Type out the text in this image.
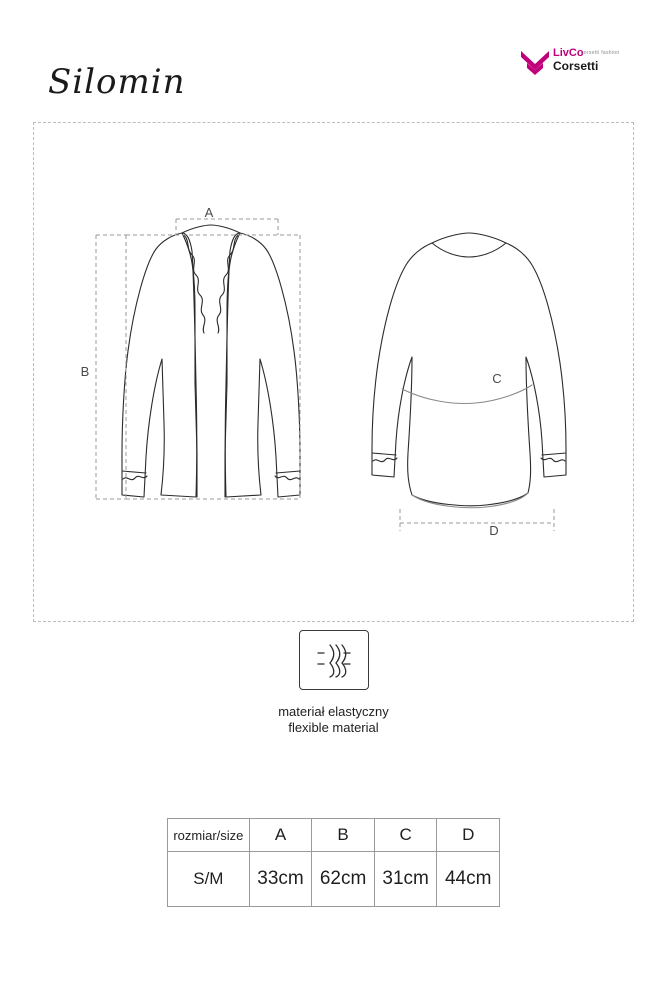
Silomin
LivCo
corsetti fashion
Corsetti
A
B	C
D
materiał elastyczny
flexible material
rozmiar/size	A	B	C	D
S/M	33cm	62cm	31cm	44cm
